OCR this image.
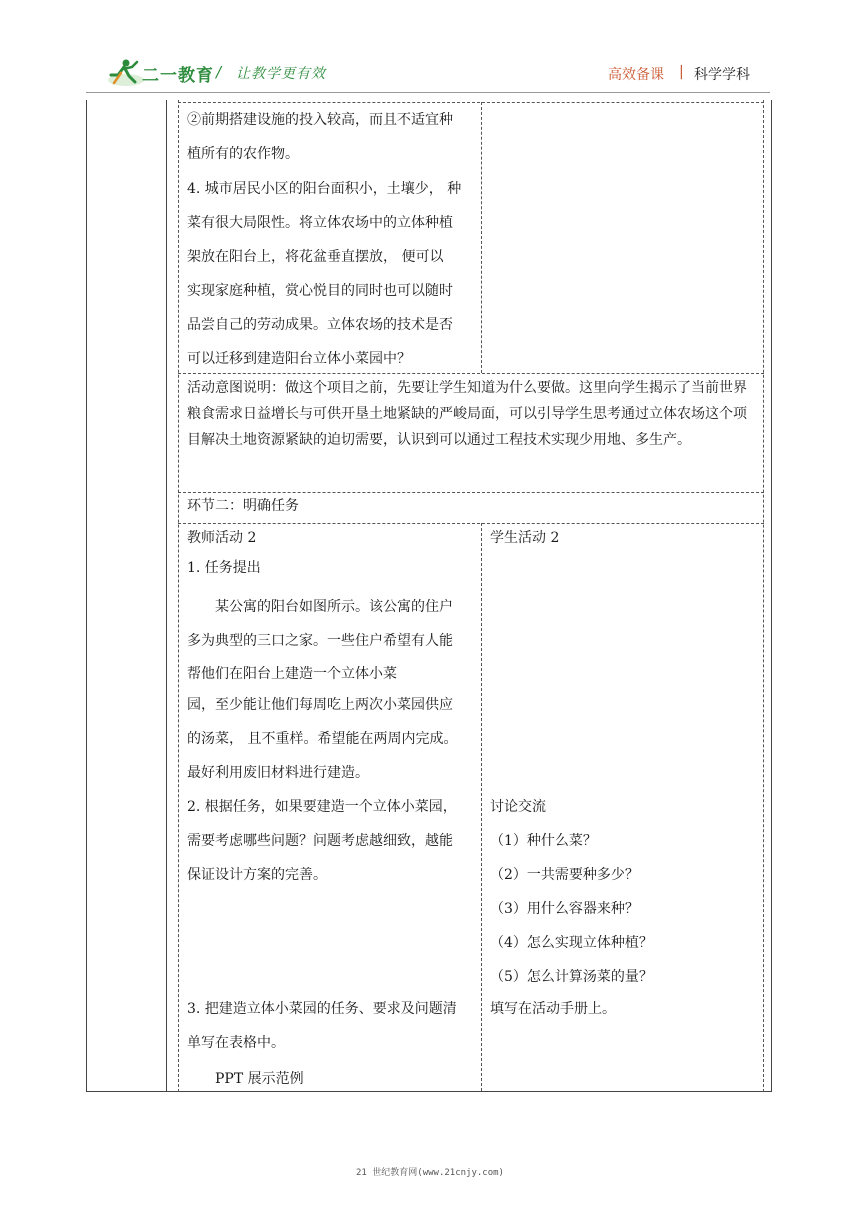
二一教育 / 让教学更有效	高效备课 | 科学学科
②前期搭建设施的投入较高，而且不适宜种
植所有的农作物。
4. 城市居民小区的阳台面积小，土壤少， 种
菜有很大局限性。将立体农场中的立体种植
架放在阳台上，将花盆垂直摆放， 便可以
实现家庭种植，赏心悦目的同时也可以随时
品尝自己的劳动成果。立体农场的技术是否
可以迁移到建造阳台立体小菜园中？
活动意图说明：做这个项目之前，先要让学生知道为什么要做。这里向学生揭示了当前世界粮食需求日益增长与可供开垦土地紧缺的严峻局面，可以引导学生思考通过立体农场这个项目解决土地资源紧缺的迫切需要，认识到可以通过工程技术实现少用地、多生产。
环节二：明确任务
教师活动 2
1. 任务提出
某公寓的阳台如图所示。该公寓的住户
多为典型的三口之家。一些住户希望有人能
帮他们在阳台上建造一个立体小菜
园，至少能让他们每周吃上两次小菜园供应
的汤菜， 且不重样。希望能在两周内完成。
最好利用废旧材料进行建造。
2. 根据任务，如果要建造一个立体小菜园，
需要考虑哪些问题？问题考虑越细致，越能
保证设计方案的完善。
3. 把建造立体小菜园的任务、要求及问题清
单写在表格中。
PPT 展示范例
学生活动 2
讨论交流
（1）种什么菜？
（2）一共需要种多少？
（3）用什么容器来种？
（4）怎么实现立体种植？
（5）怎么计算汤菜的量？
填写在活动手册上。
21 世纪教育网(www.21cnjy.com)
